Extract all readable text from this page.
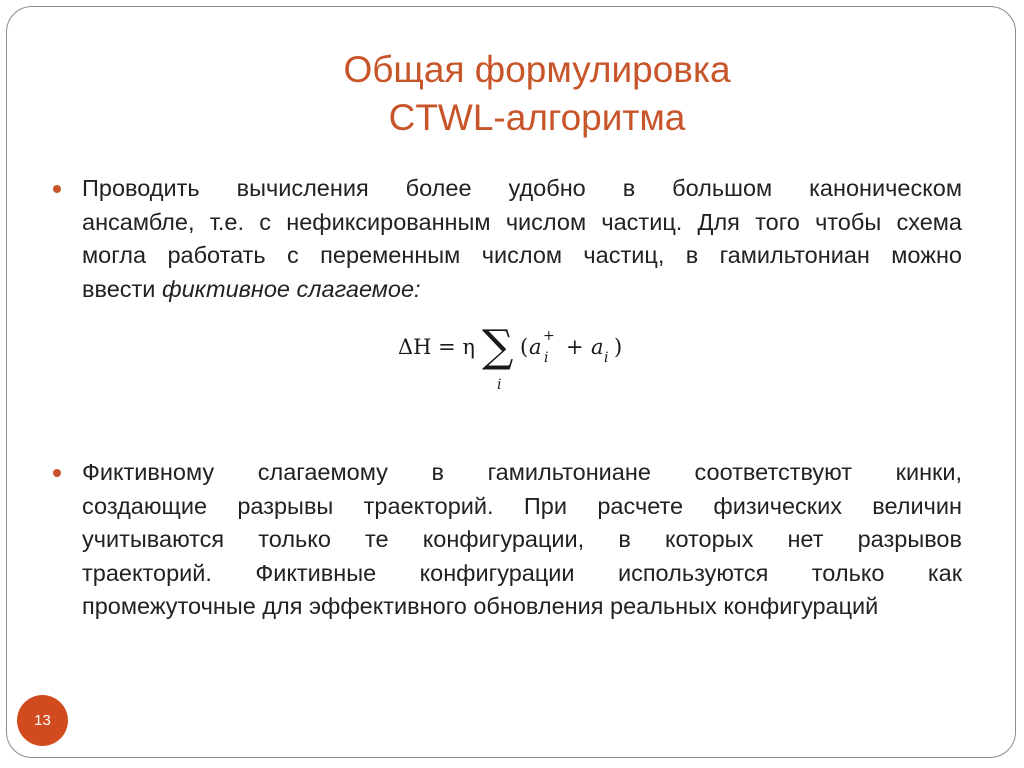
Общая формулировка
CTWL-алгоритма
Проводить вычисления более удобно в большом каноническом
ансамбле, т.е. с нефиксированным числом частиц. Для того чтобы схема
могла работать с переменным числом частиц, в гамильтониан можно
ввести фиктивное слагаемое:
ΔH = η ∑
i
( a +
i + a i )
Фиктивному слагаемому в гамильтониане соответствуют кинки,
создающие разрывы траекторий. При расчете физических величин
учитываются только те конфигурации, в которых нет разрывов
траекторий. Фиктивные конфигурации используются только как
промежуточные для эффективного обновления реальных конфигураций
13
